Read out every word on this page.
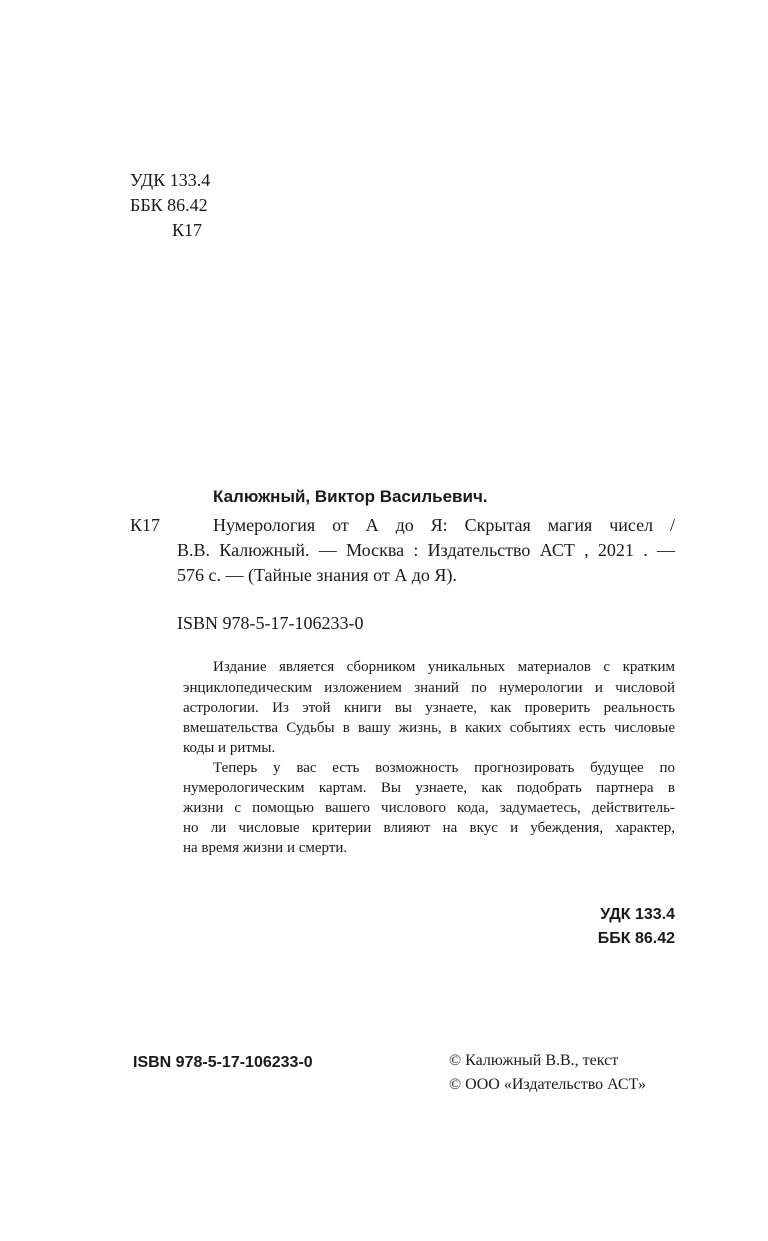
УДК 133.4
ББК 86.42
К17
Калюжный, Виктор Васильевич.
К17	Нумерология от А до Я: Скрытая магия чисел /
В.В. Калюжный. — Москва : Издательство АСТ , 2021 . —
576 с. — (Тайные знания от А до Я).
ISBN 978-5-17-106233-0
Издание является сборником уникальных материалов с кратким
энциклопедическим изложением знаний по нумерологии и числовой
астрологии. Из этой книги вы узнаете, как проверить реальность
вмешательства Судьбы в вашу жизнь, в каких событиях есть числовые
коды и ритмы.
Теперь у вас есть возможность прогнозировать будущее по
нумерологическим картам. Вы узнаете, как подобрать партнера в
жизни с помощью вашего числового кода, задумаетесь, действитель-
но ли числовые критерии влияют на вкус и убеждения, характер,
на время жизни и смерти.
УДК 133.4
ББК 86.42
ISBN 978-5-17-106233-0	© Калюжный В.В., текст
© ООО «Издательство АСТ»
